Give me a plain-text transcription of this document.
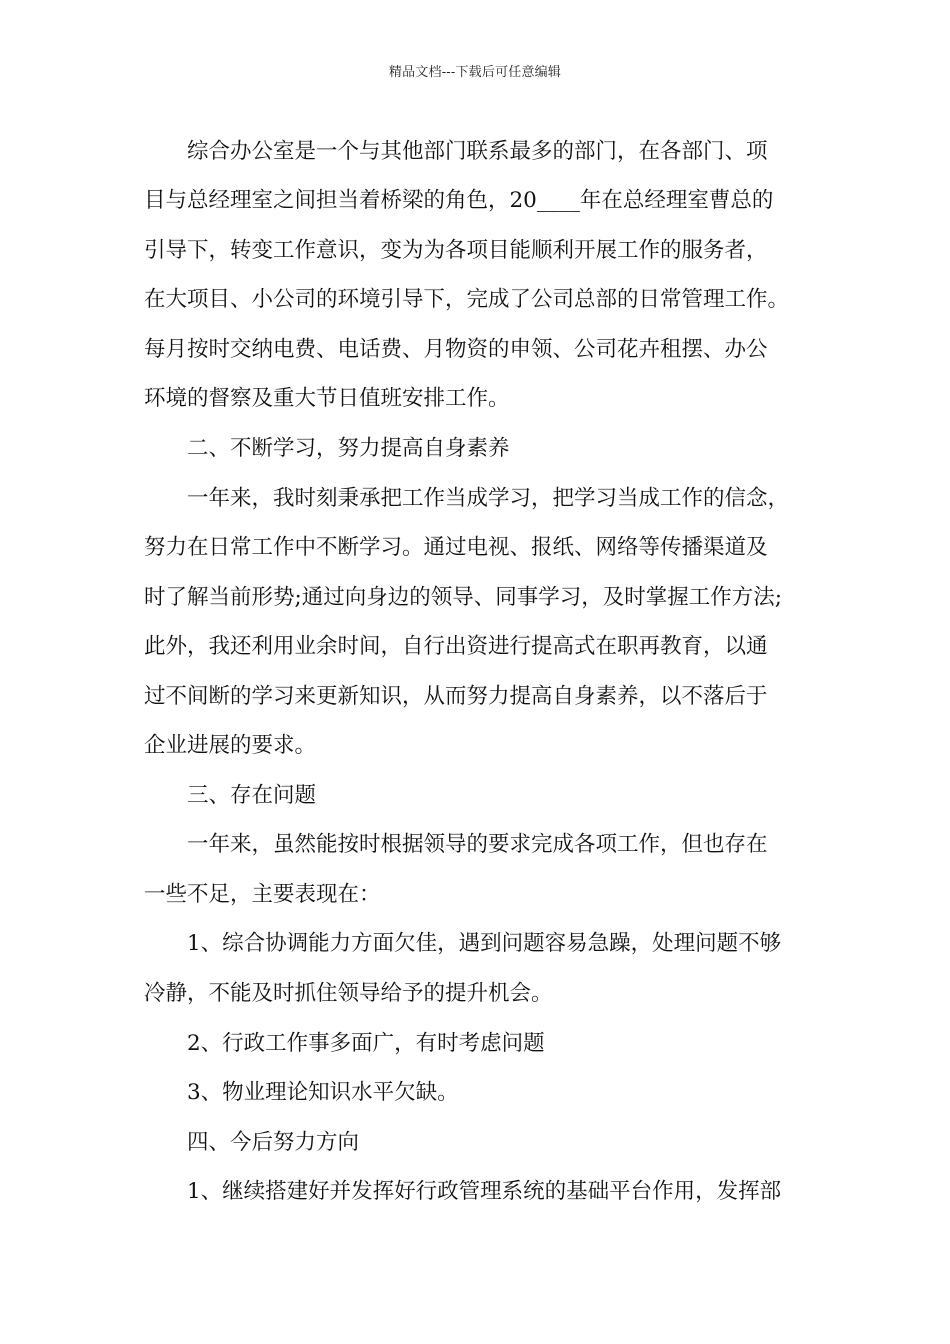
精品文档---下载后可任意编辑
　　综合办公室是一个与其他部门联系最多的部门，在各部门、项
目与总经理室之间担当着桥梁的角色，20____年在总经理室曹总的
引导下，转变工作意识，变为为各项目能顺利开展工作的服务者，
在大项目、小公司的环境引导下，完成了公司总部的日常管理工作。
每月按时交纳电费、电话费、月物资的申领、公司花卉租摆、办公
环境的督察及重大节日值班安排工作。
　　二、不断学习，努力提高自身素养
　　一年来，我时刻秉承把工作当成学习，把学习当成工作的信念，
努力在日常工作中不断学习。通过电视、报纸、网络等传播渠道及
时了解当前形势;通过向身边的领导、同事学习，及时掌握工作方法;
此外，我还利用业余时间，自行出资进行提高式在职再教育，以通
过不间断的学习来更新知识，从而努力提高自身素养，以不落后于
企业进展的要求。
　　三、存在问题
　　一年来，虽然能按时根据领导的要求完成各项工作，但也存在
一些不足，主要表现在：
　　1、综合协调能力方面欠佳，遇到问题容易急躁，处理问题不够
冷静，不能及时抓住领导给予的提升机会。
　　2、行政工作事多面广，有时考虑问题
　　3、物业理论知识水平欠缺。
　　四、今后努力方向
　　1、继续搭建好并发挥好行政管理系统的基础平台作用，发挥部
